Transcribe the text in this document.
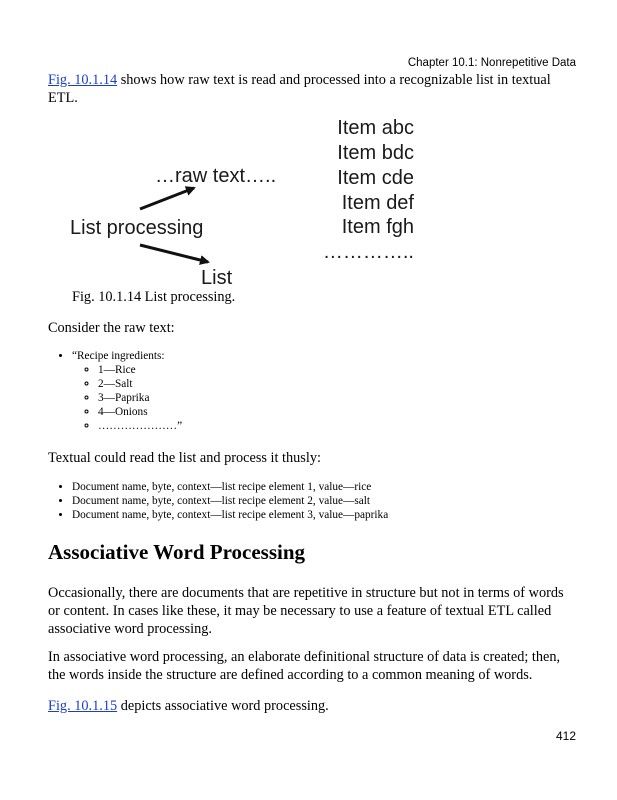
Chapter 10.1: Nonrepetitive Data

Fig. 10.1.14 shows how raw text is read and processed into a recognizable list in textual ETL.

…raw text…..
List processing
List
Item abc
Item bdc
Item cde
Item def
Item fgh
…………..

Fig. 10.1.14 List processing.

Consider the raw text:

• “Recipe ingredients:
◦ 1—Rice
◦ 2—Salt
◦ 3—Paprika
◦ 4—Onions
◦ …………………”

Textual could read the list and process it thusly:

• Document name, byte, context—list recipe element 1, value—rice
• Document name, byte, context—list recipe element 2, value—salt
• Document name, byte, context—list recipe element 3, value—paprika
Associative Word Processing

Occasionally, there are documents that are repetitive in structure but not in terms of words or content. In cases like these, it may be necessary to use a feature of textual ETL called associative word processing.

In associative word processing, an elaborate definitional structure of data is created; then, the words inside the structure are defined according to a common meaning of words.

Fig. 10.1.15 depicts associative word processing.

412
